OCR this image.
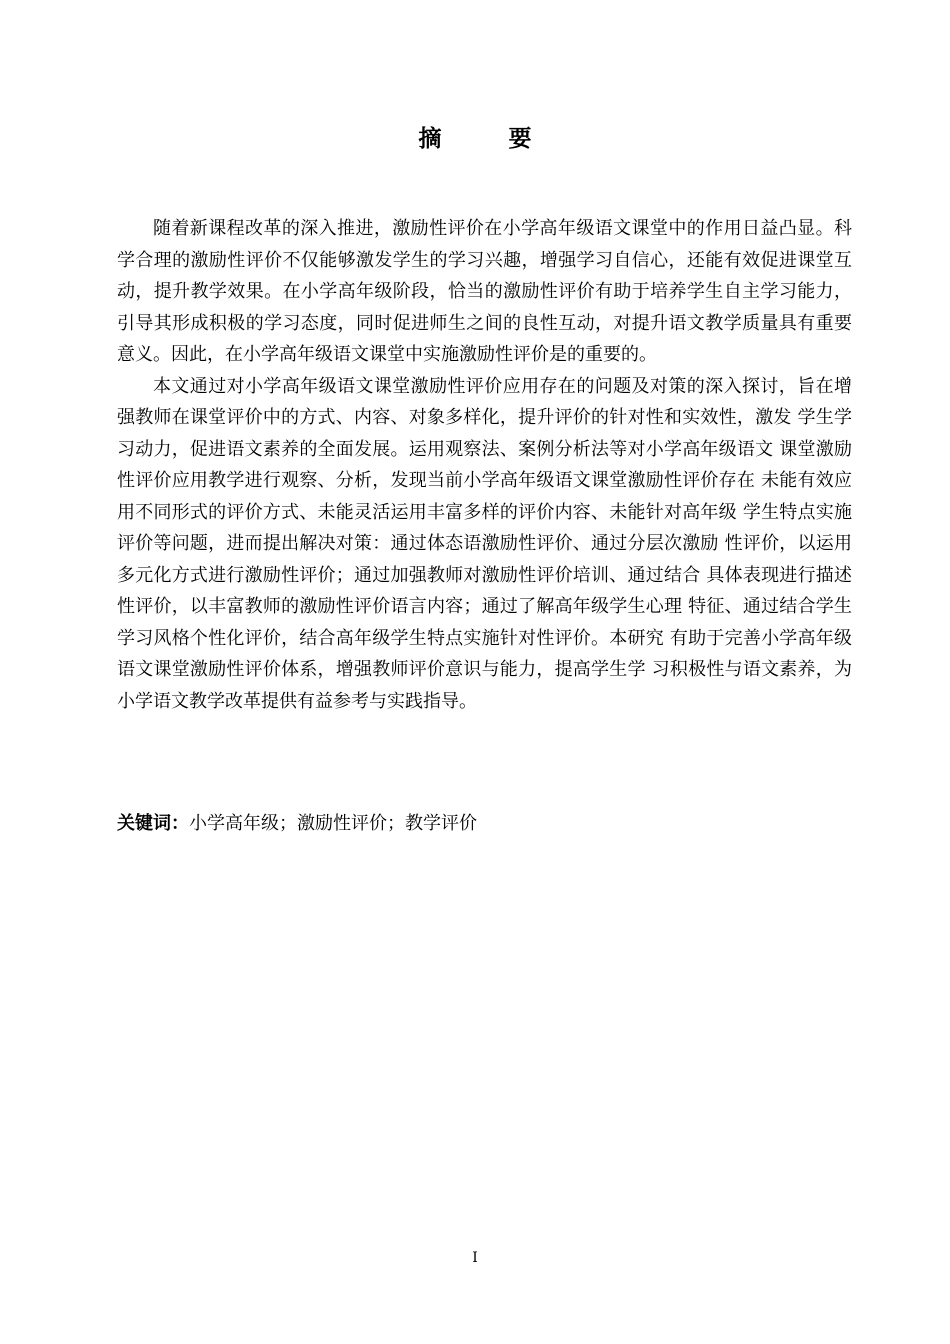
摘　要

随着新课程改革的深入推进，激励性评价在小学高年级语文课堂中的作用日益凸显。科学合理的激励性评价不仅能够激发学生的学习兴趣，增强学习自信心，还能有效促进课堂互动，提升教学效果。在小学高年级阶段，恰当的激励性评价有助于培养学生自主学习能力，引导其形成积极的学习态度，同时促进师生之间的良性互动，对提升语文教学质量具有重要意义。因此，在小学高年级语文课堂中实施激励性评价是的重要的。

本文通过对小学高年级语文课堂激励性评价应用存在的问题及对策的深入探讨，旨在增强教师在课堂评价中的方式、内容、对象多样化，提升评价的针对性和实效性，激发 学生学习动力，促进语文素养的全面发展。运用观察法、案例分析法等对小学高年级语文 课堂激励性评价应用教学进行观察、分析，发现当前小学高年级语文课堂激励性评价存在 未能有效应用不同形式的评价方式、未能灵活运用丰富多样的评价内容、未能针对高年级 学生特点实施评价等问题，进而提出解决对策：通过体态语激励性评价、通过分层次激励 性评价，以运用多元化方式进行激励性评价；通过加强教师对激励性评价培训、通过结合 具体表现进行描述性评价，以丰富教师的激励性评价语言内容；通过了解高年级学生心理 特征、通过结合学生学习风格个性化评价，结合高年级学生特点实施针对性评价。本研究 有助于完善小学高年级语文课堂激励性评价体系，增强教师评价意识与能力，提高学生学 习积极性与语文素养，为小学语文教学改革提供有益参考与实践指导。

关键词：小学高年级；激励性评价；教学评价
I
